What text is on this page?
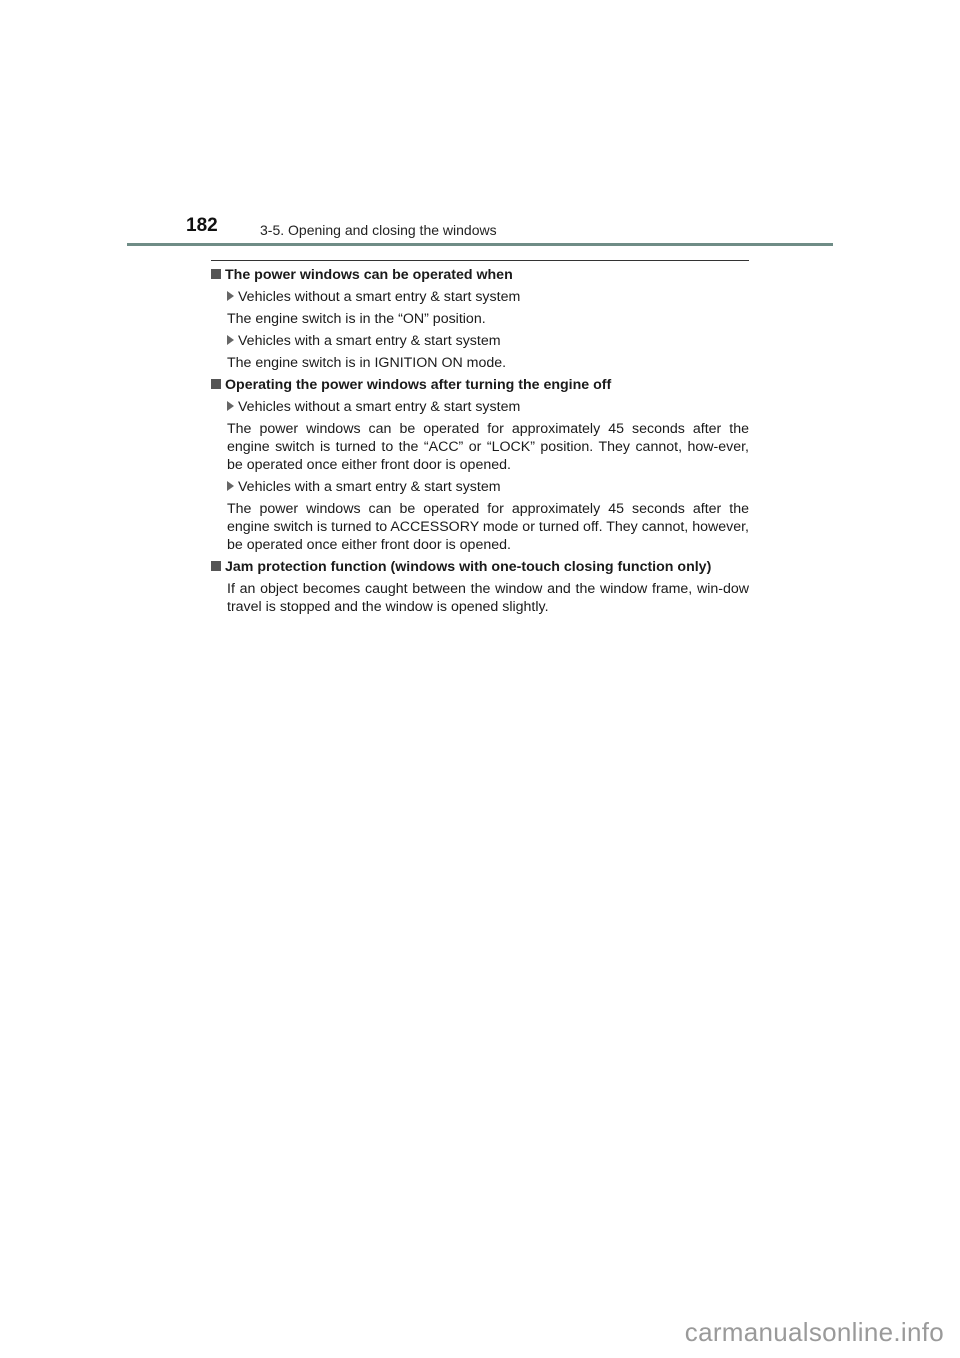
182	3-5. Opening and closing the windows
The power windows can be operated when
Vehicles without a smart entry & start system
The engine switch is in the “ON” position.
Vehicles with a smart entry & start system
The engine switch is in IGNITION ON mode.
Operating the power windows after turning the engine off
Vehicles without a smart entry & start system
The power windows can be operated for approximately 45 seconds after the engine switch is turned to the “ACC” or “LOCK” position. They cannot, how-ever, be operated once either front door is opened.
Vehicles with a smart entry & start system
The power windows can be operated for approximately 45 seconds after the engine switch is turned to ACCESSORY mode or turned off. They cannot, however, be operated once either front door is opened.
Jam protection function (windows with one-touch closing function only)
If an object becomes caught between the window and the window frame, win-dow travel is stopped and the window is opened slightly.
carmanualsonline.info
